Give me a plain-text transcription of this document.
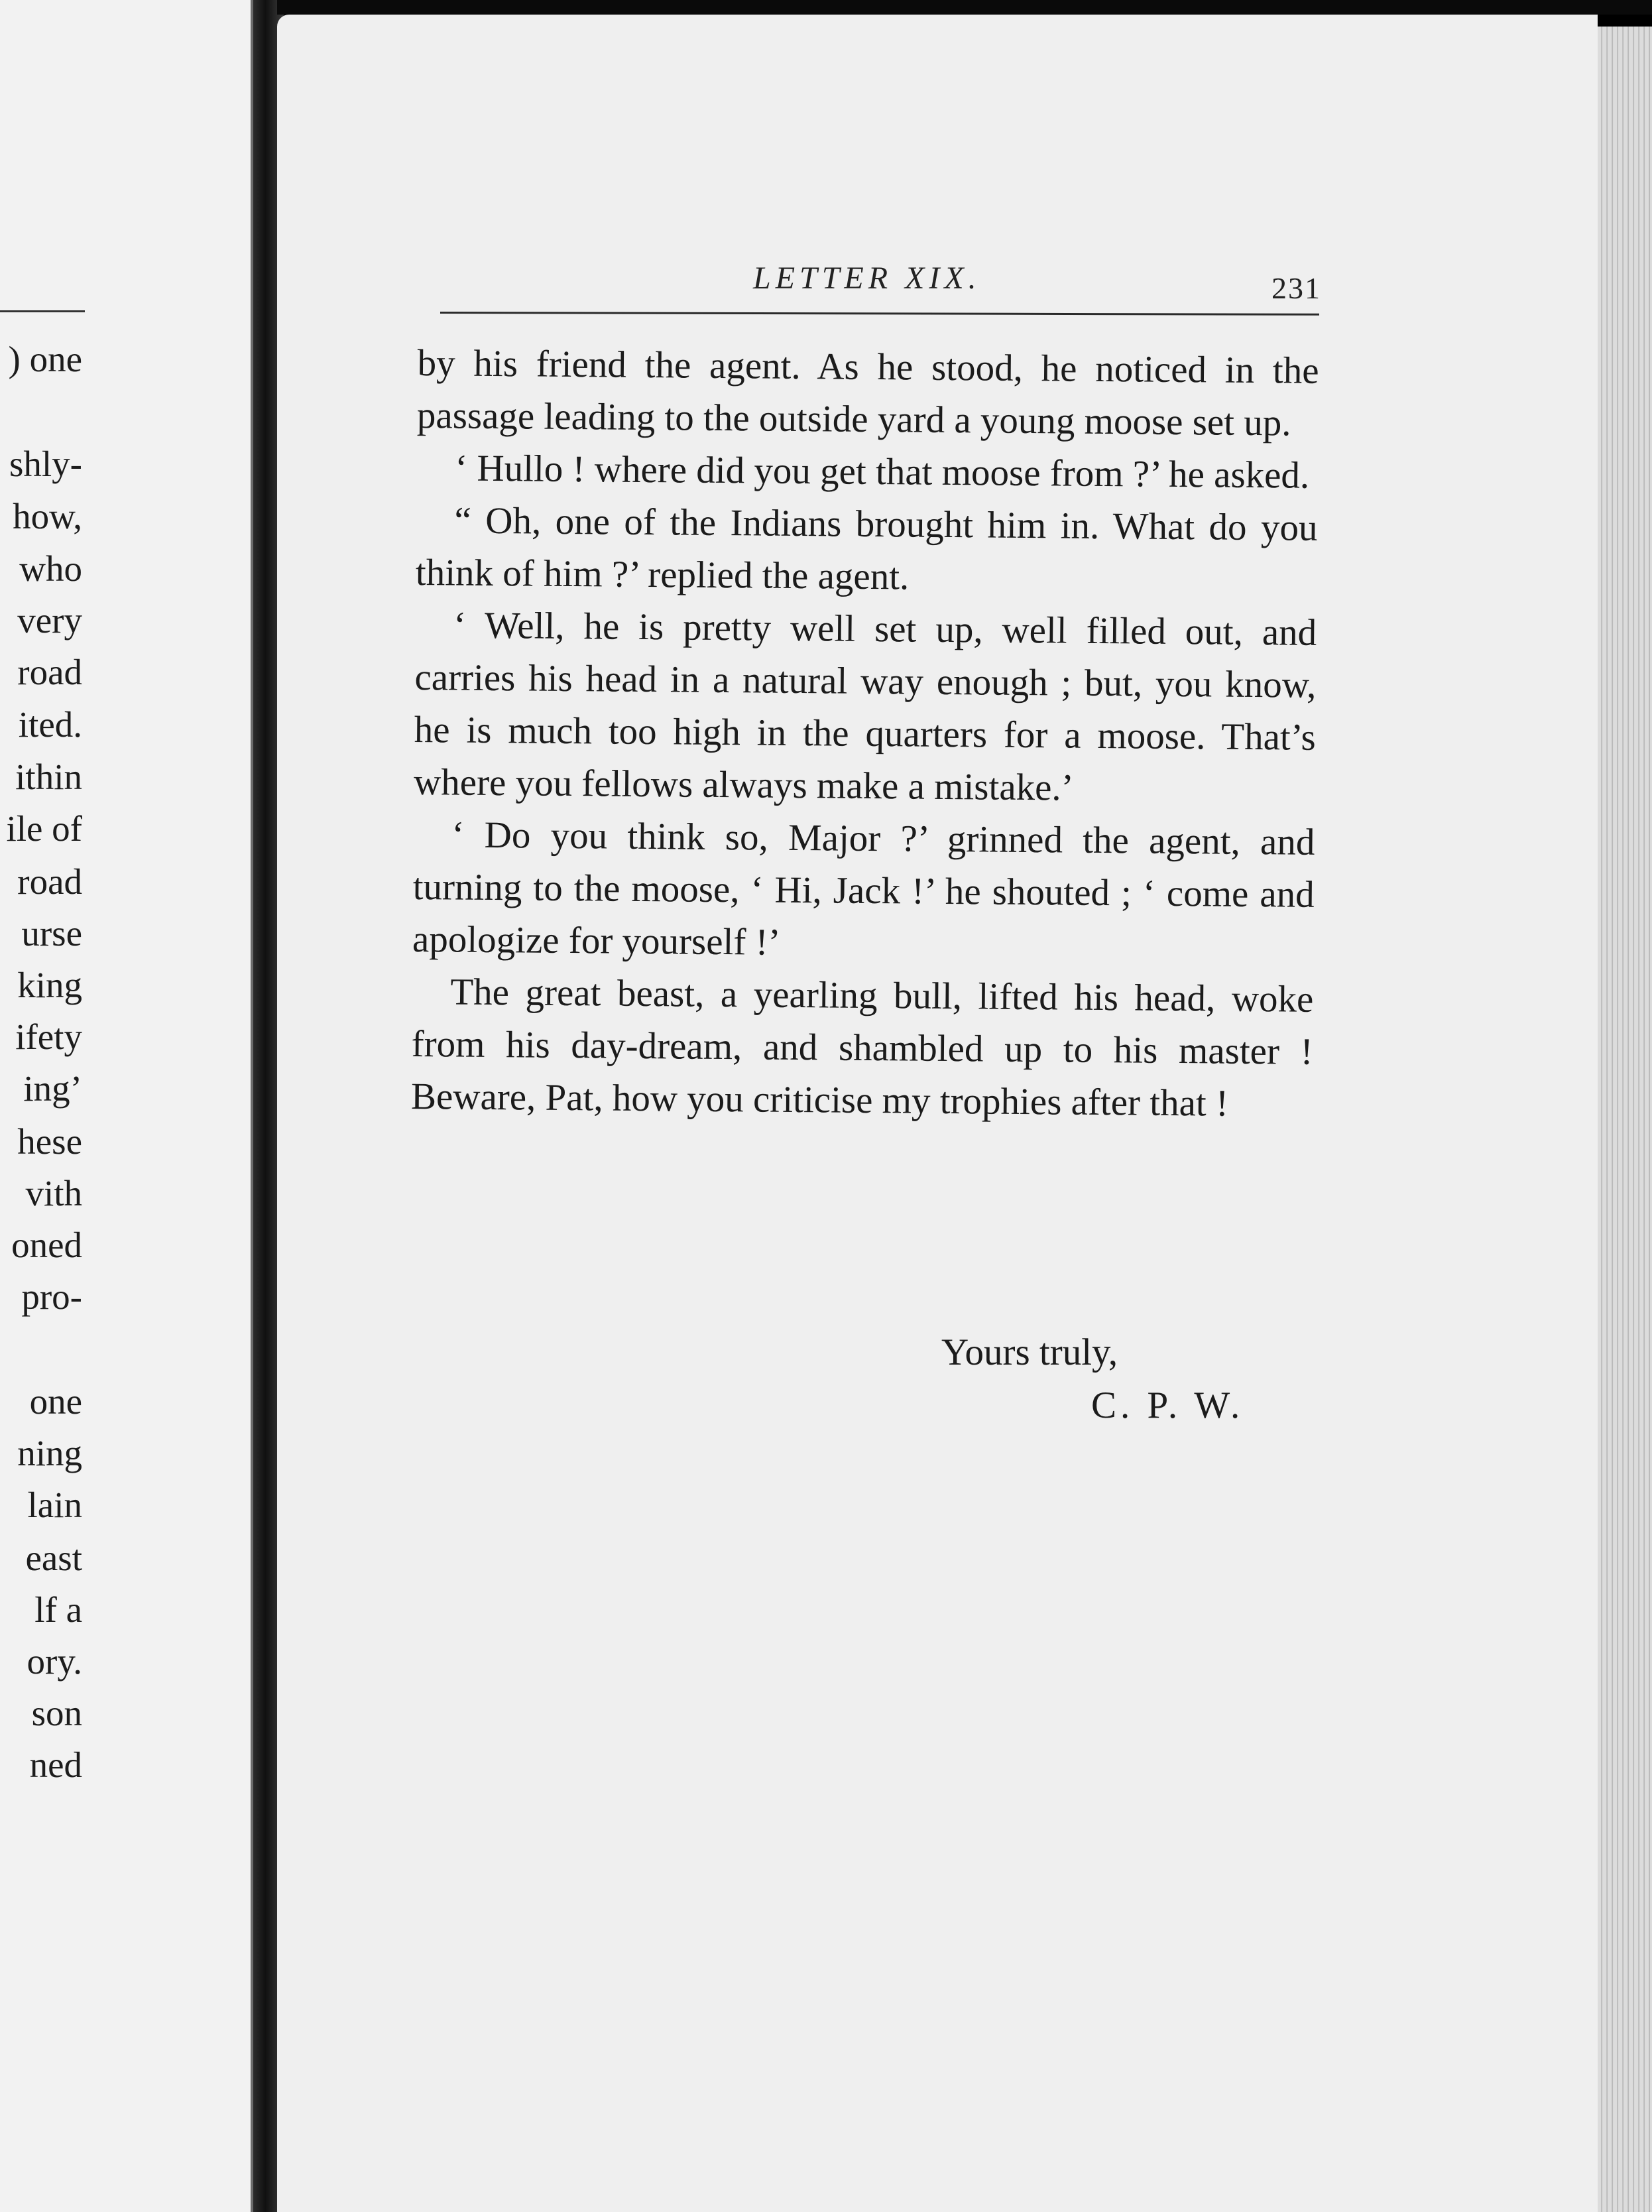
) one
shly-
how,
who
very
road
ited.
ithin
ile of
road
urse
king
ifety
ing’
hese
vith
oned
pro-
one
ning
lain
east
lf a
ory.
son
ned
LETTER XIX.	231

by his friend the agent. As he stood, he noticed in the passage leading to the outside yard a young moose set up.

‘ Hullo ! where did you get that moose from ?’ he asked.

“ Oh, one of the Indians brought him in. What do you think of him ?’ replied the agent.

‘ Well, he is pretty well set up, well filled out, and carries his head in a natural way enough ; but, you know, he is much too high in the quarters for a moose. That’s where you fellows always make a mistake.’

‘ Do you think so, Major ?’ grinned the agent, and turning to the moose, ‘ Hi, Jack !’ he shouted ; ‘ come and apologize for yourself !’

The great beast, a yearling bull, lifted his head, woke from his day-dream, and shambled up to his master ! Beware, Pat, how you criticise my trophies after that !

Yours truly,
C. P. W.
